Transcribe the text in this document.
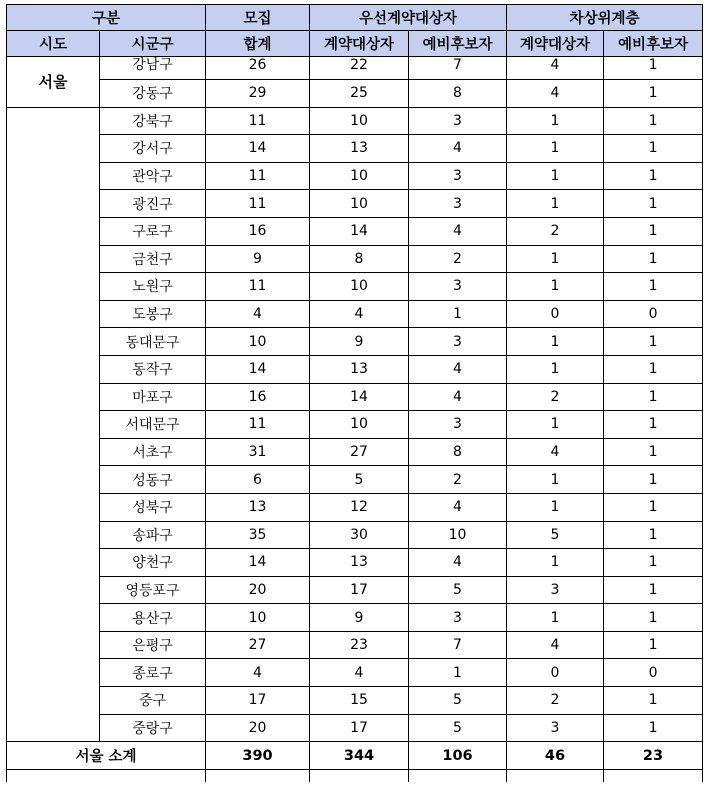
구분		모집	우선계약대상자		차상위계층	
시도	시군구	합계	계약대상자	예비후보자	계약대상자	예비후보자
서울	강남구	26	22	7	4	1
	강동구	29	25	8	4	1
	강북구	11	10	3	1	1
	강서구	14	13	4	1	1
	관악구	11	10	3	1	1
	광진구	11	10	3	1	1
	구로구	16	14	4	2	1
	금천구	9	8	2	1	1
	노원구	11	10	3	1	1
	도봉구	4	4	1	0	0
	동대문구	10	9	3	1	1
	동작구	14	13	4	1	1
	마포구	16	14	4	2	1
	서대문구	11	10	3	1	1
	서초구	31	27	8	4	1
	성동구	6	5	2	1	1
	성북구	13	12	4	1	1
	송파구	35	30	10	5	1
	양천구	14	13	4	1	1
	영등포구	20	17	5	3	1
	용산구	10	9	3	1	1
	은평구	27	23	7	4	1
	종로구	4	4	1	0	0
	중구	17	15	5	2	1
	중랑구	20	17	5	3	1
서울 소계		390	344	106	46	23
